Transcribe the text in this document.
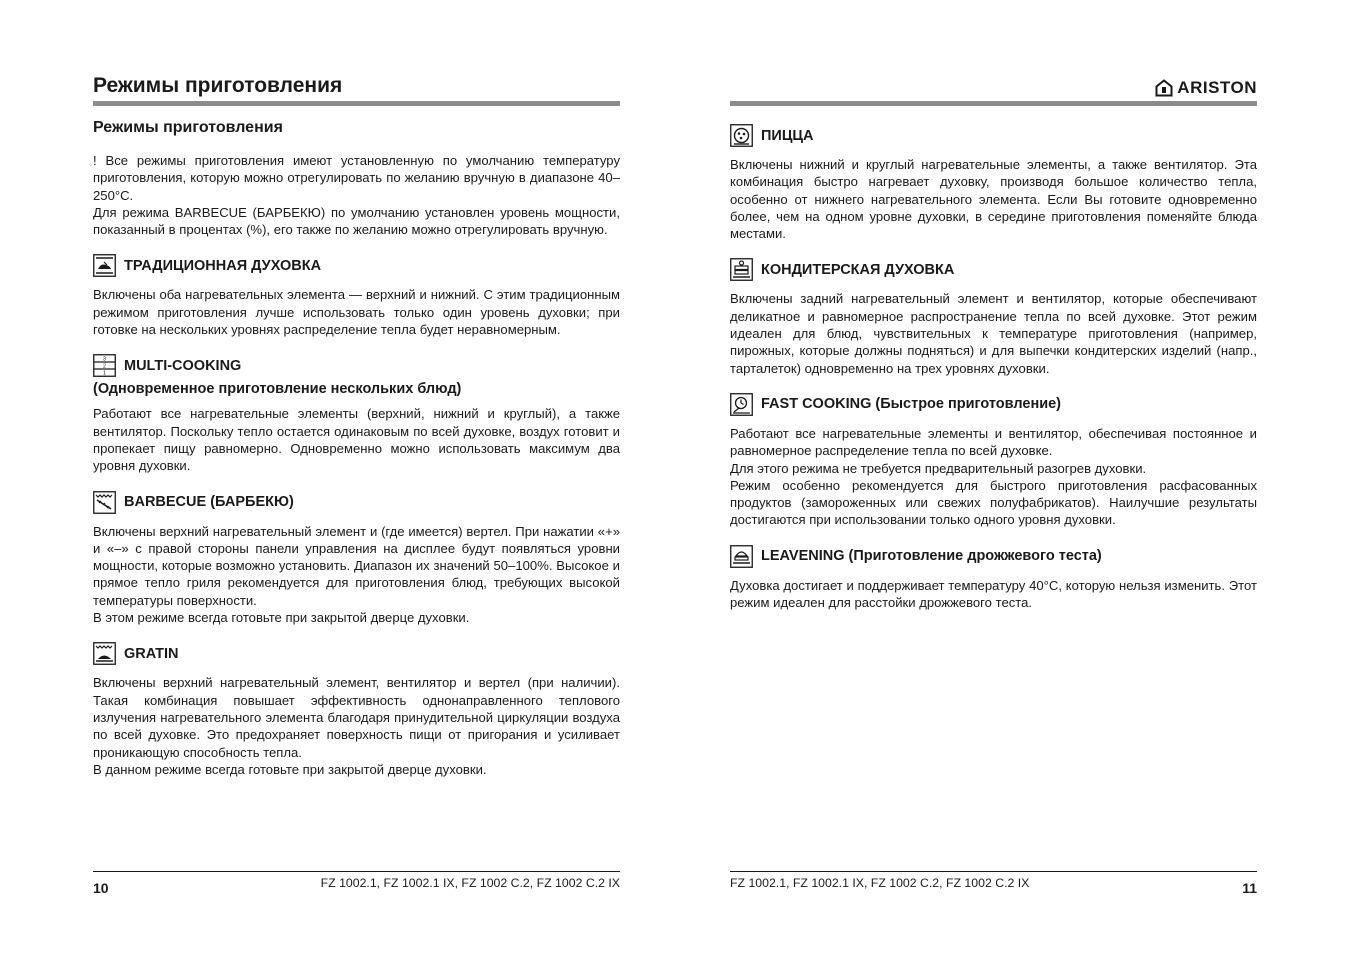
Режимы приготовления
Режимы приготовления

! Все режимы приготовления имеют установленную по умолчанию температуру приготовления, которую можно отрегулировать по желанию вручную в диапазоне 40–250°C.

Для режима BARBECUE (БАРБЕКЮ) по умолчанию установлен уровень мощности, показанный в процентах (%), его также по желанию можно отрегулировать вручную.

ТРАДИЦИОННАЯ ДУХОВКА

Включены оба нагревательных элемента — верхний и нижний. С этим традиционным режимом приготовления лучше использовать только один уровень духовки; при готовке на нескольких уровнях распределение тепла будет неравномерным.

3
2
1
MULTI-COOKING
(Одновременное приготовление нескольких блюд)

Работают все нагревательные элементы (верхний, нижний и круглый), а также вентилятор. Поскольку тепло остается одинаковым по всей духовке, воздух готовит и пропекает пищу равномерно. Одновременно можно использовать максимум два уровня духовки.

BARBECUE (БАРБЕКЮ)

Включены верхний нагревательный элемент и (где имеется) вертел. При нажатии «+» и «–» с правой стороны панели управления на дисплее будут появляться уровни мощности, которые возможно установить. Диапазон их значений 50–100%. Высокое и прямое тепло гриля рекомендуется для приготовления блюд, требующих высокой температуры поверхности.

В этом режиме всегда готовьте при закрытой дверце духовки.

GRATIN

Включены верхний нагревательный элемент, вентилятор и вертел (при наличии). Такая комбинация повышает эффективность однонаправленного теплового излучения нагревательного элемента благодаря принудительной циркуляции воздуха по всей духовке. Это предохраняет поверхность пищи от пригорания и усиливает проникающую способность тепла.

В данном режиме всегда готовьте при закрытой дверце духовки.

10	FZ 1002.1, FZ 1002.1 IX, FZ 1002 C.2, FZ 1002 C.2 IX
ARISTON
ПИЦЦА

Включены нижний и круглый нагревательные элементы, а также вентилятор. Эта комбинация быстро нагревает духовку, производя большое количество тепла, особенно от нижнего нагревательного элемента. Если Вы готовите одновременно более, чем на одном уровне духовки, в середине приготовления поменяйте блюда местами.

КОНДИТЕРСКАЯ ДУХОВКА

Включены задний нагревательный элемент и вентилятор, которые обеспечивают деликатное и равномерное распространение тепла по всей духовке. Этот режим идеален для блюд, чувствительных к температуре приготовления (например, пирожных, которые должны подняться) и для выпечки кондитерских изделий (напр., тарталеток) одновременно на трех уровнях духовки.

FAST COOKING (Быстрое приготовление)

Работают все нагревательные элементы и вентилятор, обеспечивая постоянное и равномерное распределение тепла по всей духовке.

Для этого режима не требуется предварительный разогрев духовки.

Режим особенно рекомендуется для быстрого приготовления расфасованных продуктов (замороженных или свежих полуфабрикатов). Наилучшие результаты достигаются при использовании только одного уровня духовки.

LEAVENING (Приготовление дрожжевого теста)

Духовка достигает и поддерживает температуру 40°C, которую нельзя изменить. Этот режим идеален для расстойки дрожжевого теста.

FZ 1002.1, FZ 1002.1 IX, FZ 1002 C.2, FZ 1002 C.2 IX	11
